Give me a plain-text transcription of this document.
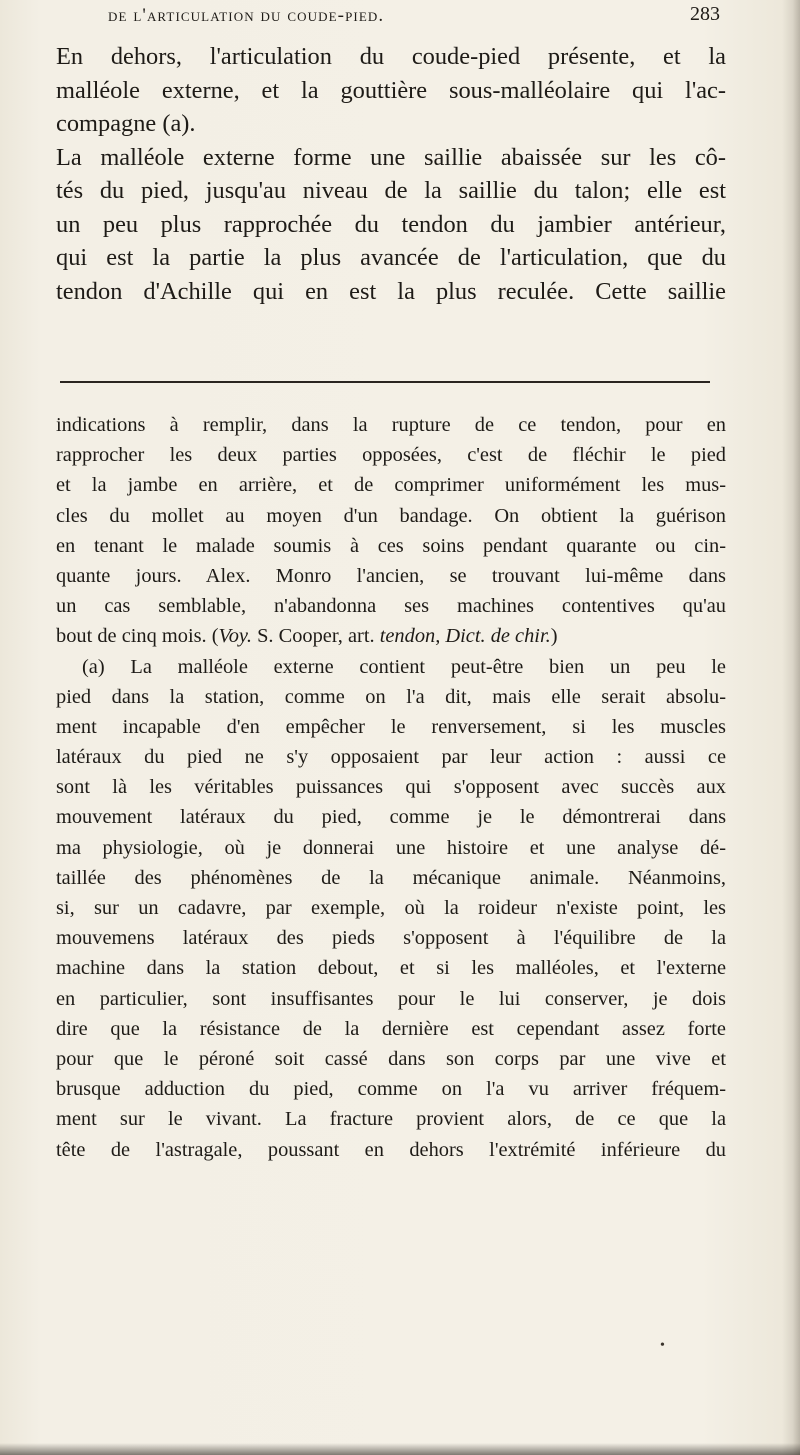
de l'articulation du coude-pied.	283
En dehors, l'articulation du coude-pied présente, et la
malléole externe, et la gouttière sous-malléolaire qui l'ac-
compagne (a).
La malléole externe forme une saillie abaissée sur les cô-
tés du pied, jusqu'au niveau de la saillie du talon; elle est
un peu plus rapprochée du tendon du jambier antérieur,
qui est la partie la plus avancée de l'articulation, que du
tendon d'Achille qui en est la plus reculée. Cette saillie
indications à remplir, dans la rupture de ce tendon, pour en
rapprocher les deux parties opposées, c'est de fléchir le pied
et la jambe en arrière, et de comprimer uniformément les mus-
cles du mollet au moyen d'un bandage. On obtient la guérison
en tenant le malade soumis à ces soins pendant quarante ou cin-
quante jours. Alex. Monro l'ancien, se trouvant lui-même dans
un cas semblable, n'abandonna ses machines contentives qu'au
bout de cinq mois. (Voy. S. Cooper, art. tendon, Dict. de chir.)
(a) La malléole externe contient peut-être bien un peu le
pied dans la station, comme on l'a dit, mais elle serait absolu-
ment incapable d'en empêcher le renversement, si les muscles
latéraux du pied ne s'y opposaient par leur action : aussi ce
sont là les véritables puissances qui s'opposent avec succès aux
mouvement latéraux du pied, comme je le démontrerai dans
ma physiologie, où je donnerai une histoire et une analyse dé-
taillée des phénomènes de la mécanique animale. Néanmoins,
si, sur un cadavre, par exemple, où la roideur n'existe point, les
mouvemens latéraux des pieds s'opposent à l'équilibre de la
machine dans la station debout, et si les malléoles, et l'externe
en particulier, sont insuffisantes pour le lui conserver, je dois
dire que la résistance de la dernière est cependant assez forte
pour que le péroné soit cassé dans son corps par une vive et
brusque adduction du pied, comme on l'a vu arriver fréquem-
ment sur le vivant. La fracture provient alors, de ce que la
tête de l'astragale, poussant en dehors l'extrémité inférieure du
•
